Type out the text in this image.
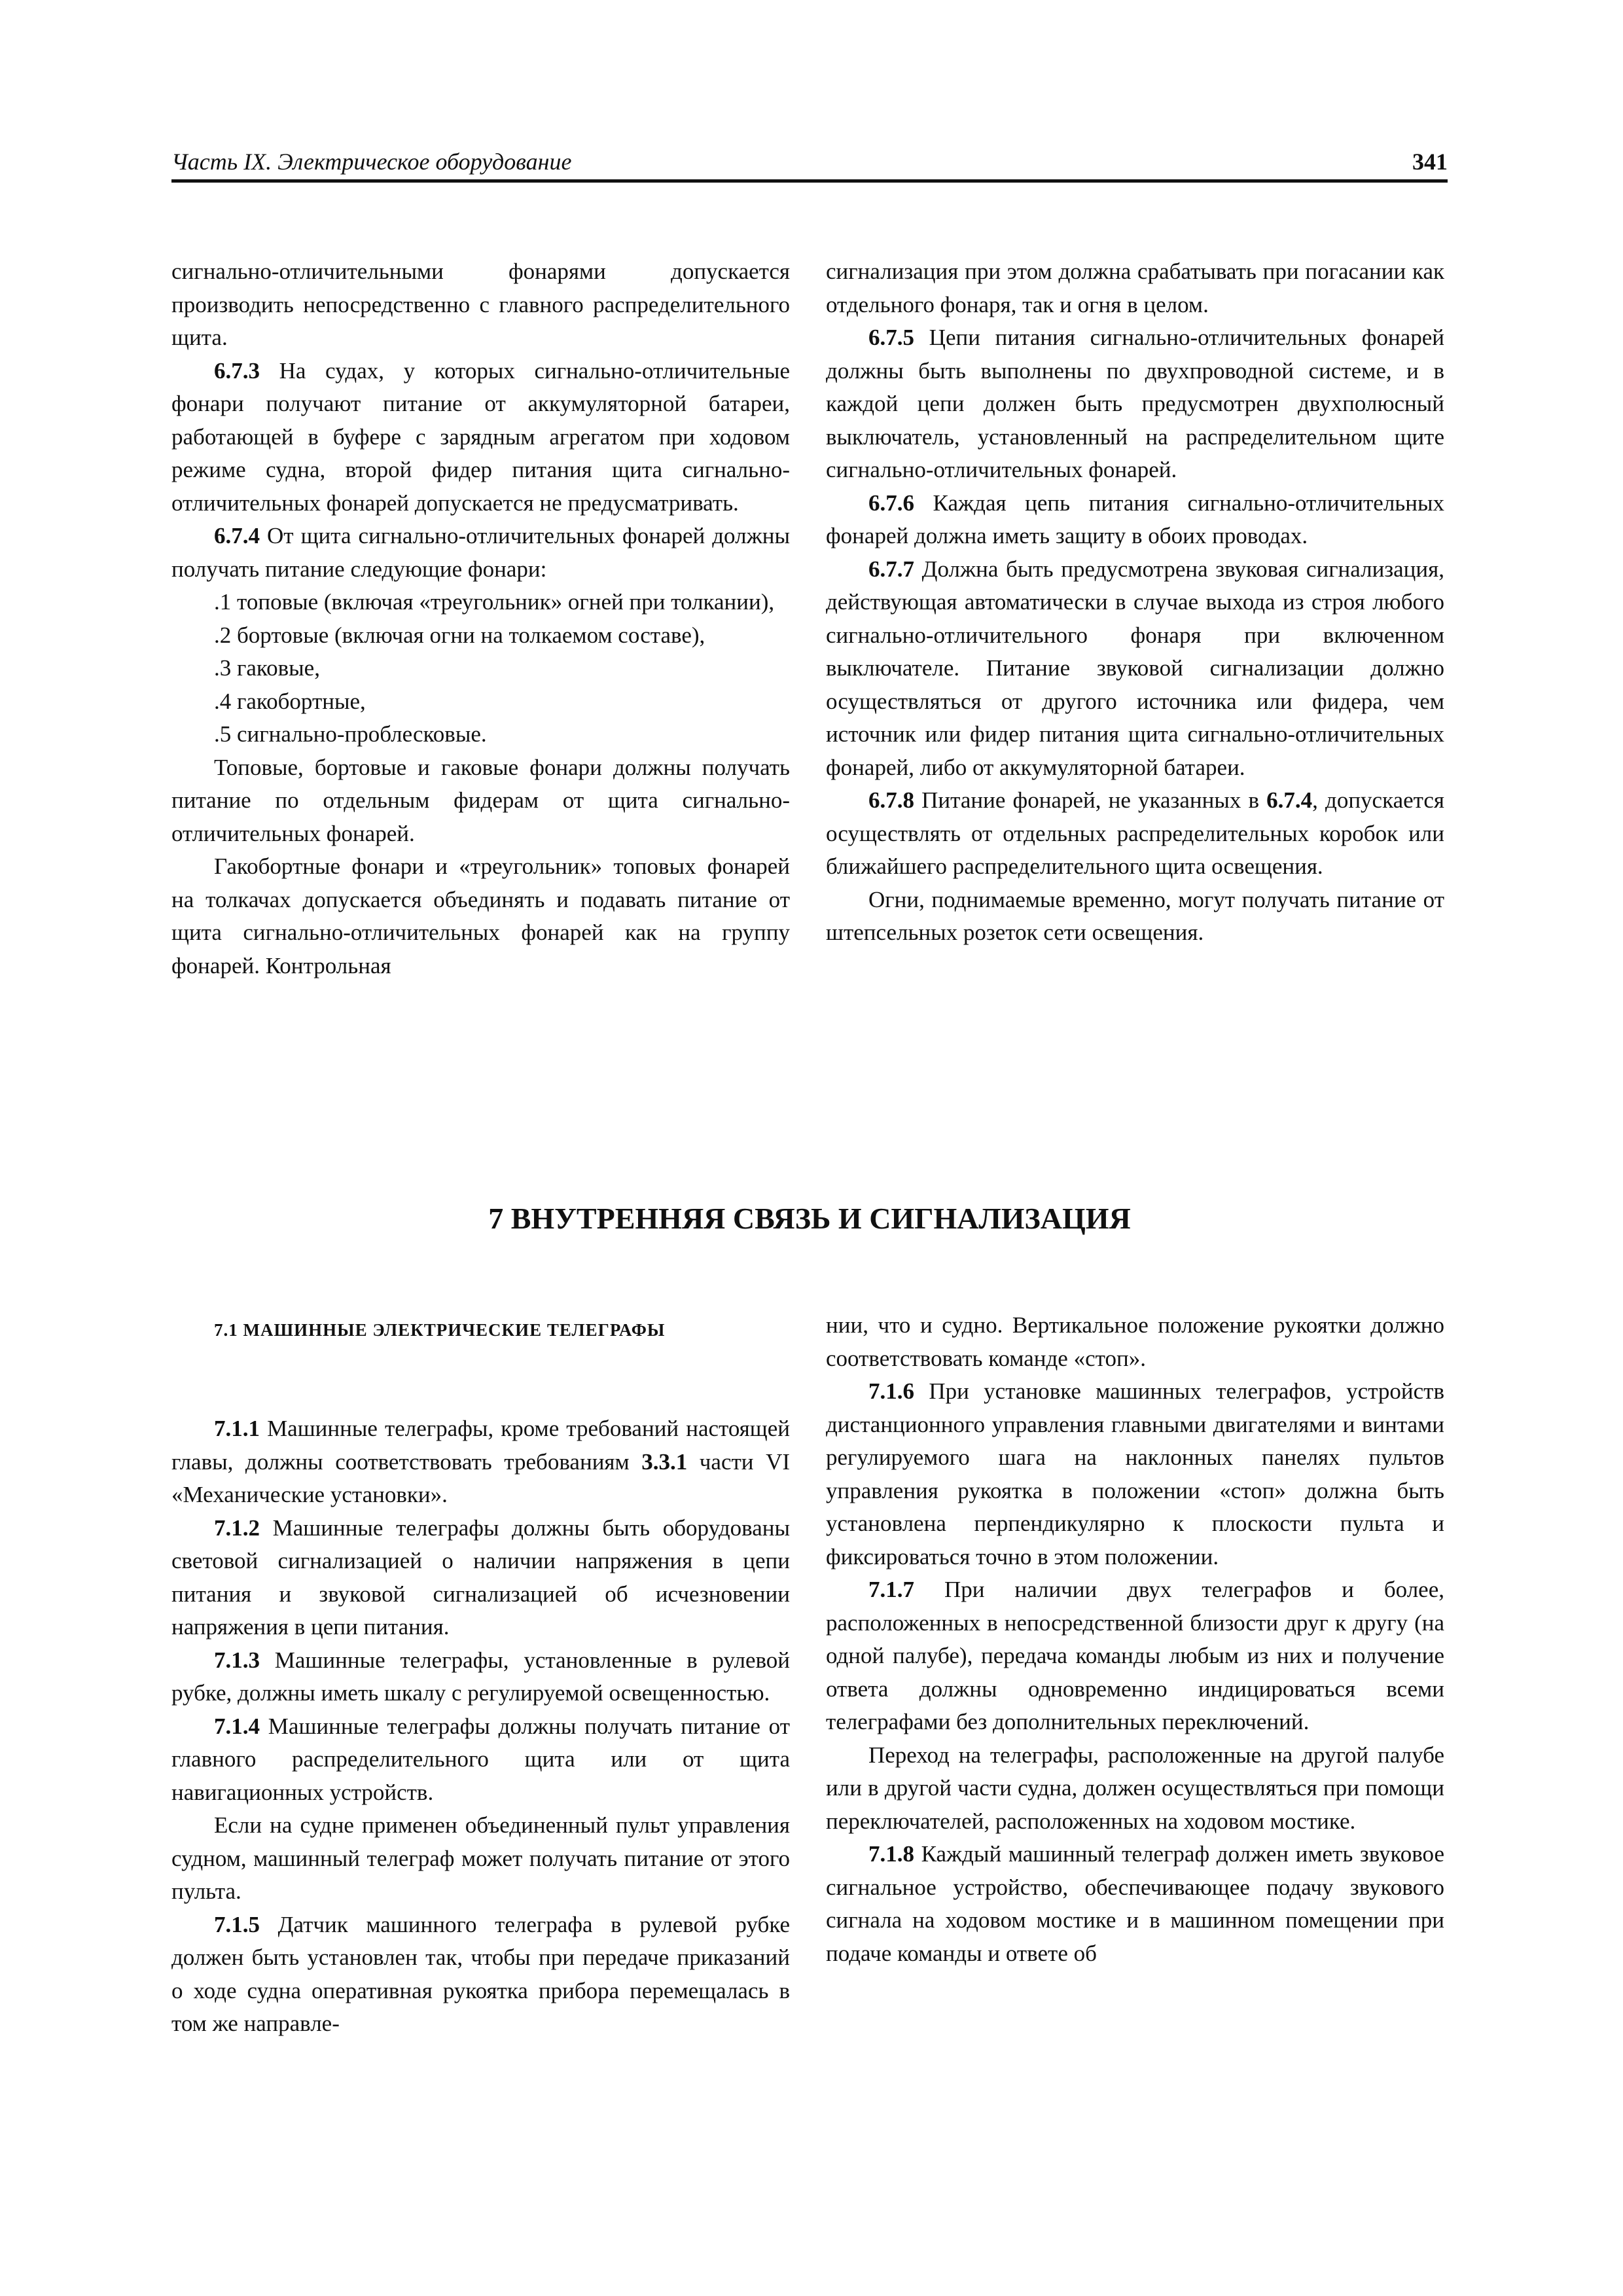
Часть IX. Электрическое оборудование	341

сигнально-отличительными фонарями допускается производить непосредственно с главного распределительного щита.

6.7.3 На судах, у которых сигнально-отличительные фонари получают питание от аккумуляторной батареи, работающей в буфере с зарядным агрегатом при ходовом режиме судна, второй фидер питания щита сигнально-отличительных фонарей допускается не предусматривать.

6.7.4 От щита сигнально-отличительных фонарей должны получать питание следующие фонари:

.1 топовые (включая «треугольник» огней при толкании),

.2 бортовые (включая огни на толкаемом составе),

.3 гаковые,

.4 гакобортные,

.5 сигнально-проблесковые.

Топовые, бортовые и гаковые фонари должны получать питание по отдельным фидерам от щита сигнально-отличительных фонарей.

Гакобортные фонари и «треугольник» топовых фонарей на толкачах допускается объединять и подавать питание от щита сигнально-отличительных фонарей как на группу фонарей. Контрольная

сигнализация при этом должна срабатывать при погасании как отдельного фонаря, так и огня в целом.

6.7.5 Цепи питания сигнально-отличительных фонарей должны быть выполнены по двухпроводной системе, и в каждой цепи должен быть предусмотрен двухполюсный выключатель, установленный на распределительном щите сигнально-отличительных фонарей.

6.7.6 Каждая цепь питания сигнально-отличительных фонарей должна иметь защиту в обоих проводах.

6.7.7 Должна быть предусмотрена звуковая сигнализация, действующая автоматически в случае выхода из строя любого сигнально-отличительного фонаря при включенном выключателе. Питание звуковой сигнализации должно осуществляться от другого источника или фидера, чем источник или фидер питания щита сигнально-отличительных фонарей, либо от аккумуляторной батареи.

6.7.8 Питание фонарей, не указанных в 6.7.4, допускается осуществлять от отдельных распределительных коробок или ближайшего распределительного щита освещения.

Огни, поднимаемые временно, могут получать питание от штепсельных розеток сети освещения.

7 ВНУТРЕННЯЯ СВЯЗЬ И СИГНАЛИЗАЦИЯ
7.1 МАШИННЫЕ ЭЛЕКТРИЧЕСКИЕ ТЕЛЕГРАФЫ

7.1.1 Машинные телеграфы, кроме требований настоящей главы, должны соответствовать требованиям 3.3.1 части VI «Механические установки».

7.1.2 Машинные телеграфы должны быть оборудованы световой сигнализацией о наличии напряжения в цепи питания и звуковой сигнализацией об исчезновении напряжения в цепи питания.

7.1.3 Машинные телеграфы, установленные в рулевой рубке, должны иметь шкалу с регулируемой освещенностью.

7.1.4 Машинные телеграфы должны получать питание от главного распределительного щита или от щита навигационных устройств.

Если на судне применен объединенный пульт управления судном, машинный телеграф может получать питание от этого пульта.

7.1.5 Датчик машинного телеграфа в рулевой рубке должен быть установлен так, чтобы при передаче приказаний о ходе судна оперативная рукоятка прибора перемещалась в том же направле-

нии, что и судно. Вертикальное положение рукоятки должно соответствовать команде «стоп».

7.1.6 При установке машинных телеграфов, устройств дистанционного управления главными двигателями и винтами регулируемого шага на наклонных панелях пультов управления рукоятка в положении «стоп» должна быть установлена перпендикулярно к плоскости пульта и фиксироваться точно в этом положении.

7.1.7 При наличии двух телеграфов и более, расположенных в непосредственной близости друг к другу (на одной палубе), передача команды любым из них и получение ответа должны одновременно индицироваться всеми телеграфами без дополнительных переключений.

Переход на телеграфы, расположенные на другой палубе или в другой части судна, должен осуществляться при помощи переключателей, расположенных на ходовом мостике.

7.1.8 Каждый машинный телеграф должен иметь звуковое сигнальное устройство, обеспечивающее подачу звукового сигнала на ходовом мостике и в машинном помещении при подаче команды и ответе об
